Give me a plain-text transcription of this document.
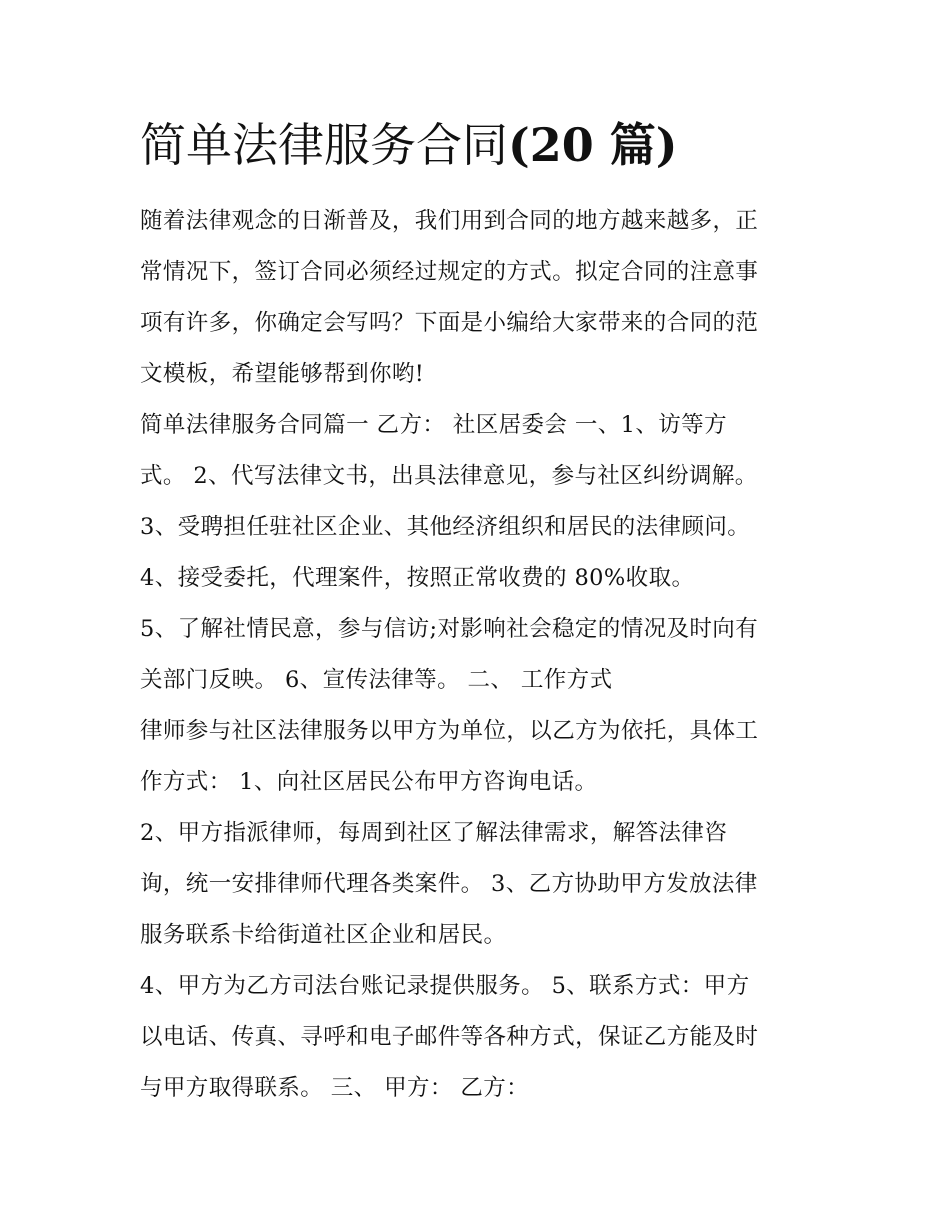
简单法律服务合同(20 篇)
随着法律观念的日渐普及，我们用到合同的地方越来越多，正
常情况下，签订合同必须经过规定的方式。拟定合同的注意事
项有许多，你确定会写吗？下面是小编给大家带来的合同的范
文模板，希望能够帮到你哟!
简单法律服务合同篇一 乙方： 社区居委会 一、1、访等方
式。 2、代写法律文书，出具法律意见，参与社区纠纷调解。
3、受聘担任驻社区企业、其他经济组织和居民的法律顾问。
4、接受委托，代理案件，按照正常收费的 80%收取。
5、了解社情民意，参与信访;对影响社会稳定的情况及时向有
关部门反映。 6、宣传法律等。 二、 工作方式
律师参与社区法律服务以甲方为单位，以乙方为依托，具体工
作方式： 1、向社区居民公布甲方咨询电话。
2、甲方指派律师，每周到社区了解法律需求，解答法律咨
询，统一安排律师代理各类案件。 3、乙方协助甲方发放法律
服务联系卡给街道社区企业和居民。
4、甲方为乙方司法台账记录提供服务。 5、联系方式：甲方
以电话、传真、寻呼和电子邮件等各种方式，保证乙方能及时
与甲方取得联系。 三、 甲方： 乙方：
